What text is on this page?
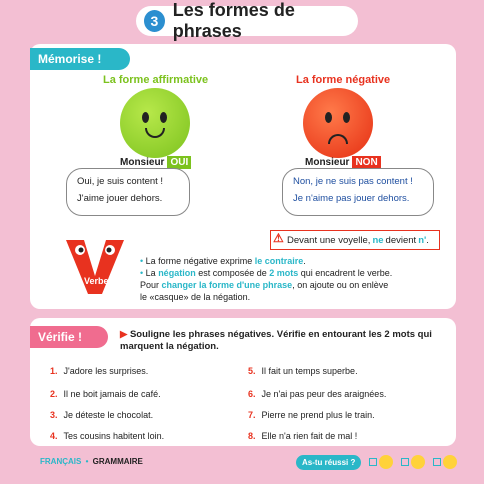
3
Les formes de phrases
Mémorise !
La forme affirmative	La forme négative
Monsieur OUI	Monsieur NON
Oui, je suis content !
J'aime jouer dehors.
Non, je ne suis pas content !
Je n'aime pas jouer dehors.
⚠ Devant une voyelle, ne devient n' .
Verbe
• La forme négative exprime le contraire.
• La négation est composée de 2 mots qui encadrent le verbe.
Pour changer la forme d'une phrase, on ajoute ou on enlève
le «casque» de la négation.
Vérifie !	▶ Souligne les phrases négatives. Vérifie en entourant les 2 mots qui marquent la négation.
1. J'adore les surprises.
2. Il ne boit jamais de café.
3. Je déteste le chocolat.
4. Tes cousins habitent loin.
5. Il fait un temps superbe.
6. Je n'ai pas peur des araignées.
7. Pierre ne prend plus le train.
8. Elle n'a rien fait de mal !
FRANÇAIS • GRAMMAIRE	As-tu réussi ?
